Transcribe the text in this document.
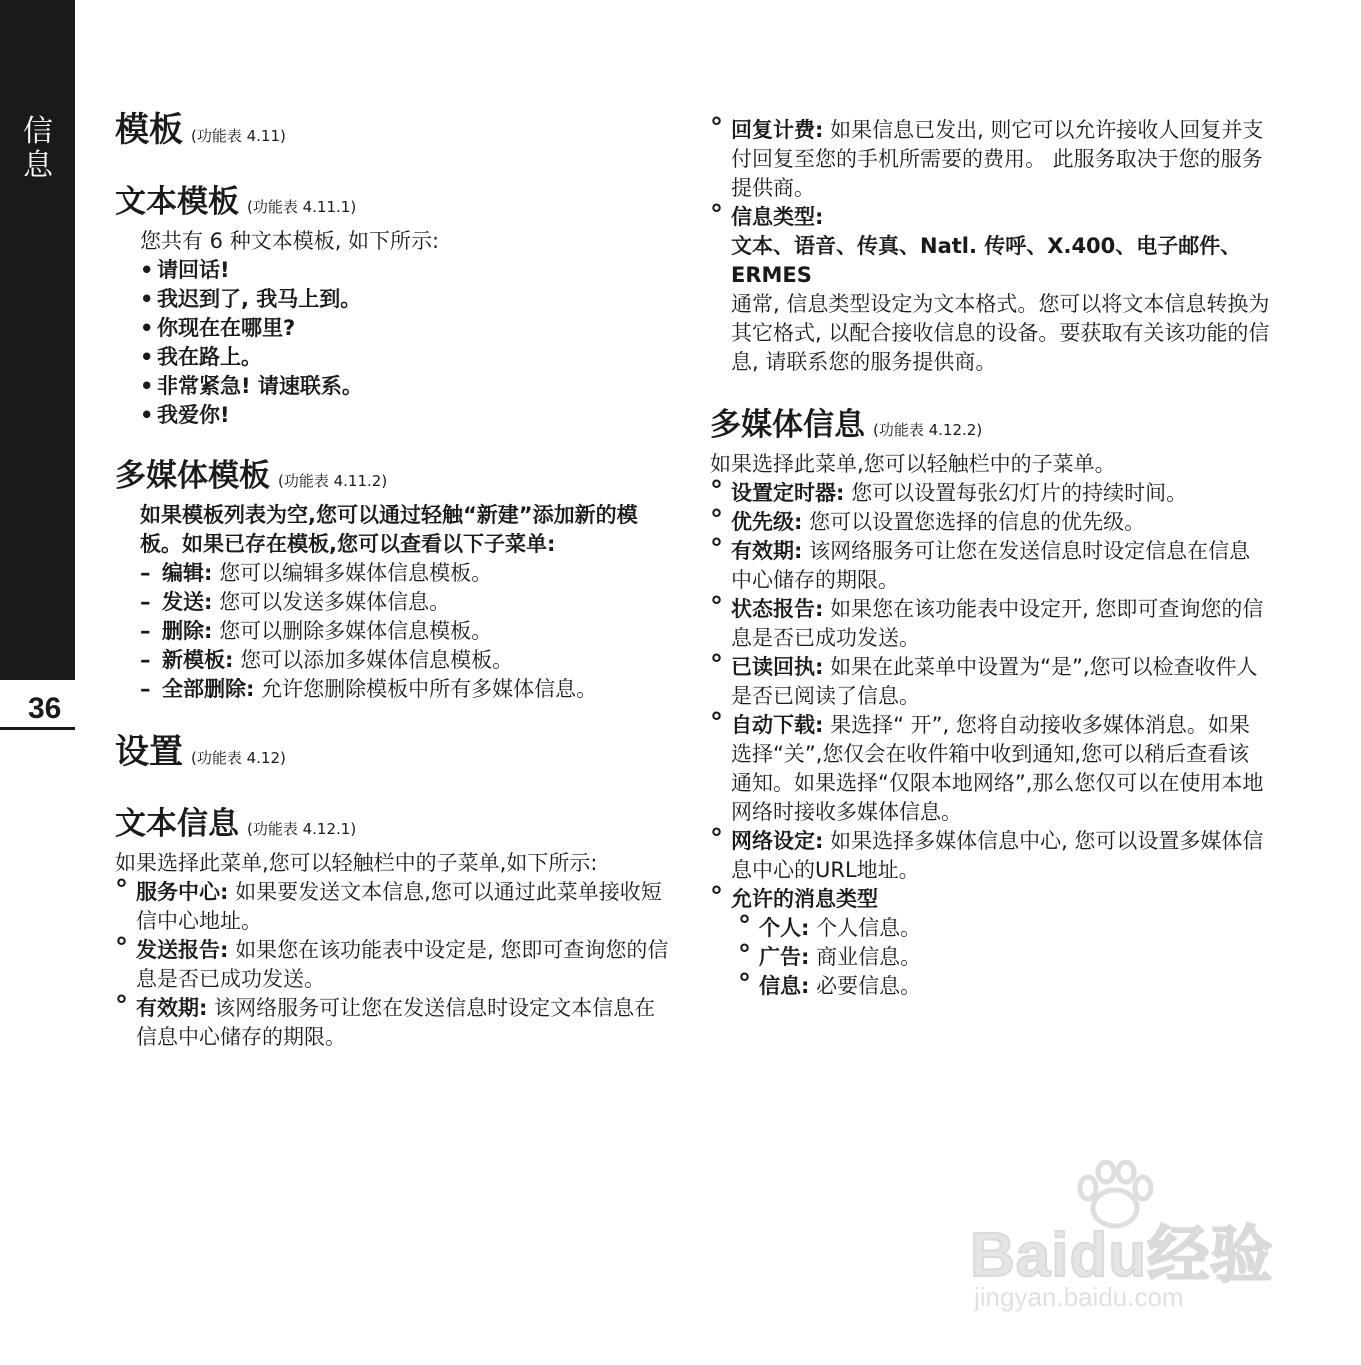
信息
36
模板 (功能表 4.11)
文本模板 (功能表 4.11.1)
您共有 6 种文本模板, 如下所示:
• 请回话!
• 我迟到了, 我马上到。
• 你现在在哪里?
• 我在路上。
• 非常紧急! 请速联系。
• 我爱你!
多媒体模板 (功能表 4.11.2)
如果模板列表为空,您可以通过轻触“新建”添加新的模板。如果已存在模板,您可以查看以下子菜单:
– 编辑: 您可以编辑多媒体信息模板。
– 发送: 您可以发送多媒体信息。
– 删除: 您可以删除多媒体信息模板。
– 新模板: 您可以添加多媒体信息模板。
– 全部删除: 允许您删除模板中所有多媒体信息。
设置 (功能表 4.12)
文本信息 (功能表 4.12.1)
如果选择此菜单,您可以轻触栏中的子菜单,如下所示:
° 服务中心: 如果要发送文本信息,您可以通过此菜单接收短信中心地址。
° 发送报告: 如果您在该功能表中设定是, 您即可查询您的信息是否已成功发送。
° 有效期: 该网络服务可让您在发送信息时设定文本信息在信息中心储存的期限。
° 回复计费: 如果信息已发出, 则它可以允许接收人回复并支付回复至您的手机所需要的费用。 此服务取决于您的服务提供商。
° 信息类型:
文本、语音、传真、Natl. 传呼、X.400、电子邮件、ERMES
通常, 信息类型设定为文本格式。您可以将文本信息转换为 其它格式, 以配合接收信息的设备。要获取有关该功能的信息, 请联系您的服务提供商。
多媒体信息 (功能表 4.12.2)
如果选择此菜单,您可以轻触栏中的子菜单。
° 设置定时器: 您可以设置每张幻灯片的持续时间。
° 优先级: 您可以设置您选择的信息的优先级。
° 有效期: 该网络服务可让您在发送信息时设定信息在信息中心储存的期限。
° 状态报告: 如果您在该功能表中设定开, 您即可查询您的信息是否已成功发送。
° 已读回执: 如果在此菜单中设置为“是”,您可以检查收件人是否已阅读了信息。
° 自动下载: 果选择“ 开”, 您将自动接收多媒体消息。如果选择“关”,您仅会在收件箱中收到通知,您可以稍后查看该通知。如果选择“仅限本地网络”,那么您仅可以在使用本地网络时接收多媒体信息。
° 网络设定: 如果选择多媒体信息中心, 您可以设置多媒体信息中心的URL地址。
° 允许的消息类型
° 个人: 个人信息。
° 广告: 商业信息。
° 信息: 必要信息。
Baidu经验
jingyan.baidu.com
